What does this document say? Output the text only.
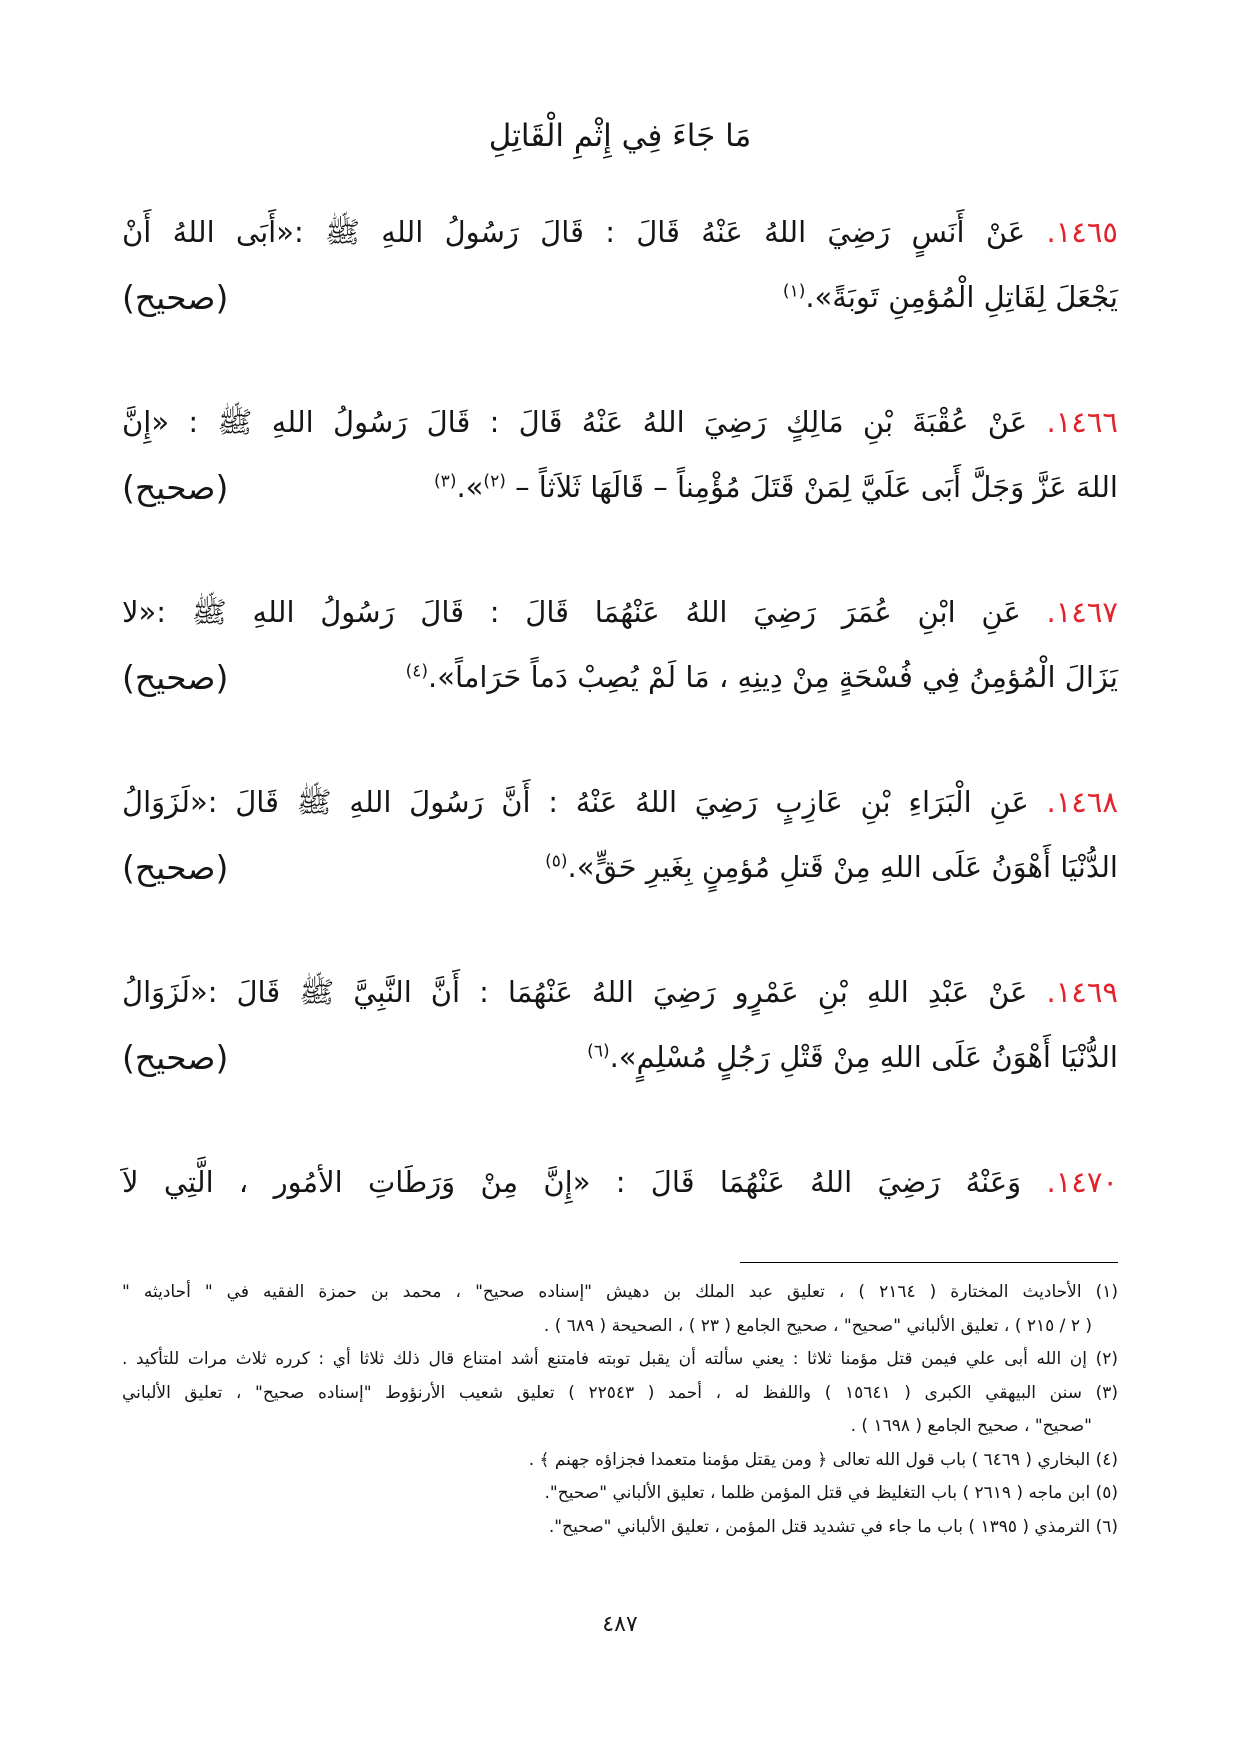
مَا جَاءَ فِي إِثْمِ الْقَاتِلِ
١٤٦٥. عَنْ أَنَسٍ رَضِيَ اللهُ عَنْهُ قَالَ : قَالَ رَسُولُ اللهِ ﷺ :«أَبَى اللهُ أَنْ
يَجْعَلَ لِقَاتِلِ الْمُؤمِنِ تَوبَةً».$^{(١)}$
(صحيح)
١٤٦٦. عَنْ عُقْبَةَ بْنِ مَالِكٍ رَضِيَ اللهُ عَنْهُ قَالَ : قَالَ رَسُولُ اللهِ ﷺ : «إِنَّ
اللهَ عَزَّ وَجَلَّ أَبَى عَلَيَّ لِمَنْ قَتَلَ مُؤْمِناً – قَالَهَا ثَلاَثاً – $^{(٢)}$».$^{(٣)}$
(صحيح)
١٤٦٧. عَنِ ابْنِ عُمَرَ رَضِيَ اللهُ عَنْهُمَا قَالَ : قَالَ رَسُولُ اللهِ ﷺ :«لا
يَزَالَ الْمُؤمِنُ فِي فُسْحَةٍ مِنْ دِينِهِ ، مَا لَمْ يُصِبْ دَماً حَرَاماً».$^{(٤)}$
(صحيح)
١٤٦٨. عَنِ الْبَرَاءِ بْنِ عَازِبٍ رَضِيَ اللهُ عَنْهُ : أَنَّ رَسُولَ اللهِ ﷺ قَالَ :«لَزَوَالُ
الدُّنْيَا أَهْوَنُ عَلَى اللهِ مِنْ قَتلِ مُؤمِنٍ بِغَيرِ حَقٍّ».$^{(٥)}$
(صحيح)
١٤٦٩. عَنْ عَبْدِ اللهِ بْنِ عَمْرٍو رَضِيَ اللهُ عَنْهُمَا : أَنَّ النَّبِيَّ ﷺ قَالَ :«لَزَوَالُ
الدُّنْيَا أَهْوَنُ عَلَى اللهِ مِنْ قَتْلِ رَجُلٍ مُسْلِمٍ».$^{(٦)}$
(صحيح)
١٤٧٠. وَعَنْهُ رَضِيَ اللهُ عَنْهُمَا قَالَ : «إِنَّ مِنْ وَرَطَاتِ الأمُور ، الَّتِي لاَ
(١) الأحاديث المختارة ( ٢١٦٤ ) ، تعليق عبد الملك بن دهيش "إسناده صحيح" ، محمد بن حمزة الفقيه في " أحاديثه "
( ٢ / ٢١٥ ) ، تعليق الألباني "صحيح" ، صحيح الجامع ( ٢٣ ) ، الصحيحة ( ٦٨٩ ) .
(٢) إن الله أبى علي فيمن قتل مؤمنا ثلاثا : يعني سألته أن يقبل توبته فامتنع أشد امتناع قال ذلك ثلاثا أي : كرره ثلاث مرات للتأكيد .
(٣) سنن البيهقي الكبرى ( ١٥٦٤١ ) واللفظ له ، أحمد ( ٢٢٥٤٣ ) تعليق شعيب الأرنؤوط "إسناده صحيح" ، تعليق الألباني
"صحيح" ، صحيح الجامع ( ١٦٩٨ ) .
(٤) البخاري ( ٦٤٦٩ ) باب قول الله تعالى ﴿ ومن يقتل مؤمنا متعمدا فجزاؤه جهنم ﴾ .
(٥) ابن ماجه ( ٢٦١٩ ) باب التغليظ في قتل المؤمن ظلما ، تعليق الألباني "صحيح".
(٦) الترمذي ( ١٣٩٥ ) باب ما جاء في تشديد قتل المؤمن ، تعليق الألباني "صحيح".
٤٨٧
